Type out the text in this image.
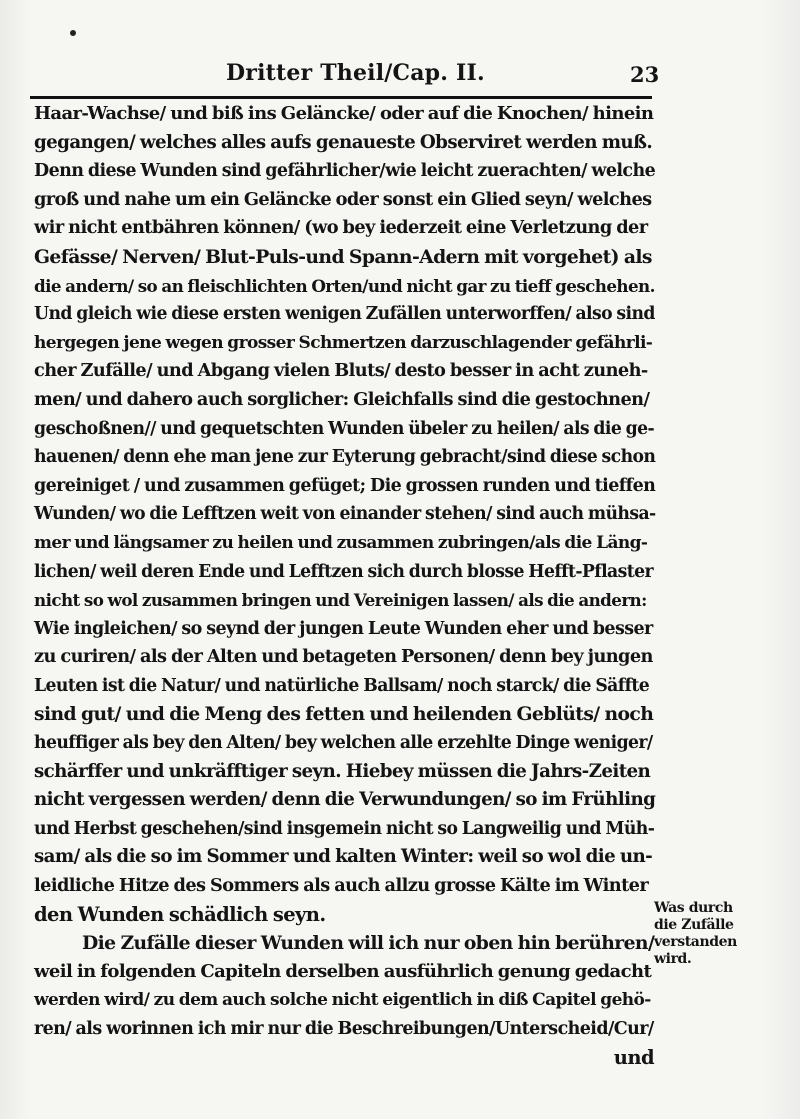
Dritter Theil/Cap. II.	23
Haar-Wachse/ und biß ins Geläncke/ oder auf die Knochen/ hinein
gegangen/ welches alles aufs genaueste Observiret werden muß.
Denn diese Wunden sind gefährlicher/wie leicht zuerachten/ welche
groß und nahe um ein Geläncke oder sonst ein Glied seyn/ welches
wir nicht entbähren können/ (wo bey iederzeit eine Verletzung der
Gefässe/ Nerven/ Blut-Puls-und Spann-Adern mit vorgehet) als
die andern/ so an fleischlichten Orten/und nicht gar zu tieff geschehen.
Und gleich wie diese ersten wenigen Zufällen unterworffen/ also sind
hergegen jene wegen grosser Schmertzen darzuschlagender gefährli-
cher Zufälle/ und Abgang vielen Bluts/ desto besser in acht zuneh-
men/ und dahero auch sorglicher: Gleichfalls sind die gestochnen/
geschoßnen// und gequetschten Wunden übeler zu heilen/ als die ge-
hauenen/ denn ehe man jene zur Eyterung gebracht/sind diese schon
gereiniget / und zusammen gefüget; Die grossen runden und tieffen
Wunden/ wo die Lefftzen weit von einander stehen/ sind auch mühsa-
mer und längsamer zu heilen und zusammen zubringen/als die Läng-
lichen/ weil deren Ende und Lefftzen sich durch blosse Hefft-Pflaster
nicht so wol zusammen bringen und Vereinigen lassen/ als die andern:
Wie ingleichen/ so seynd der jungen Leute Wunden eher und besser
zu curiren/ als der Alten und betageten Personen/ denn bey jungen
Leuten ist die Natur/ und natürliche Ballsam/ noch starck/ die Säffte
sind gut/ und die Meng des fetten und heilenden Geblüts/ noch
heuffiger als bey den Alten/ bey welchen alle erzehlte Dinge weniger/
schärffer und unkräfftiger seyn. Hiebey müssen die Jahrs-Zeiten
nicht vergessen werden/ denn die Verwundungen/ so im Frühling
und Herbst geschehen/sind insgemein nicht so Langweilig und Müh-
sam/ als die so im Sommer und kalten Winter: weil so wol die un-
leidliche Hitze des Sommers als auch allzu grosse Kälte im Winter
den Wunden schädlich seyn.
Die Zufälle dieser Wunden will ich nur oben hin berühren/
weil in folgenden Capiteln derselben ausführlich genung gedacht
werden wird/ zu dem auch solche nicht eigentlich in diß Capitel gehö-
ren/ als worinnen ich mir nur die Beschreibungen/Unterscheid/Cur/
und
Was durch
die Zufälle
verstanden
wird.
